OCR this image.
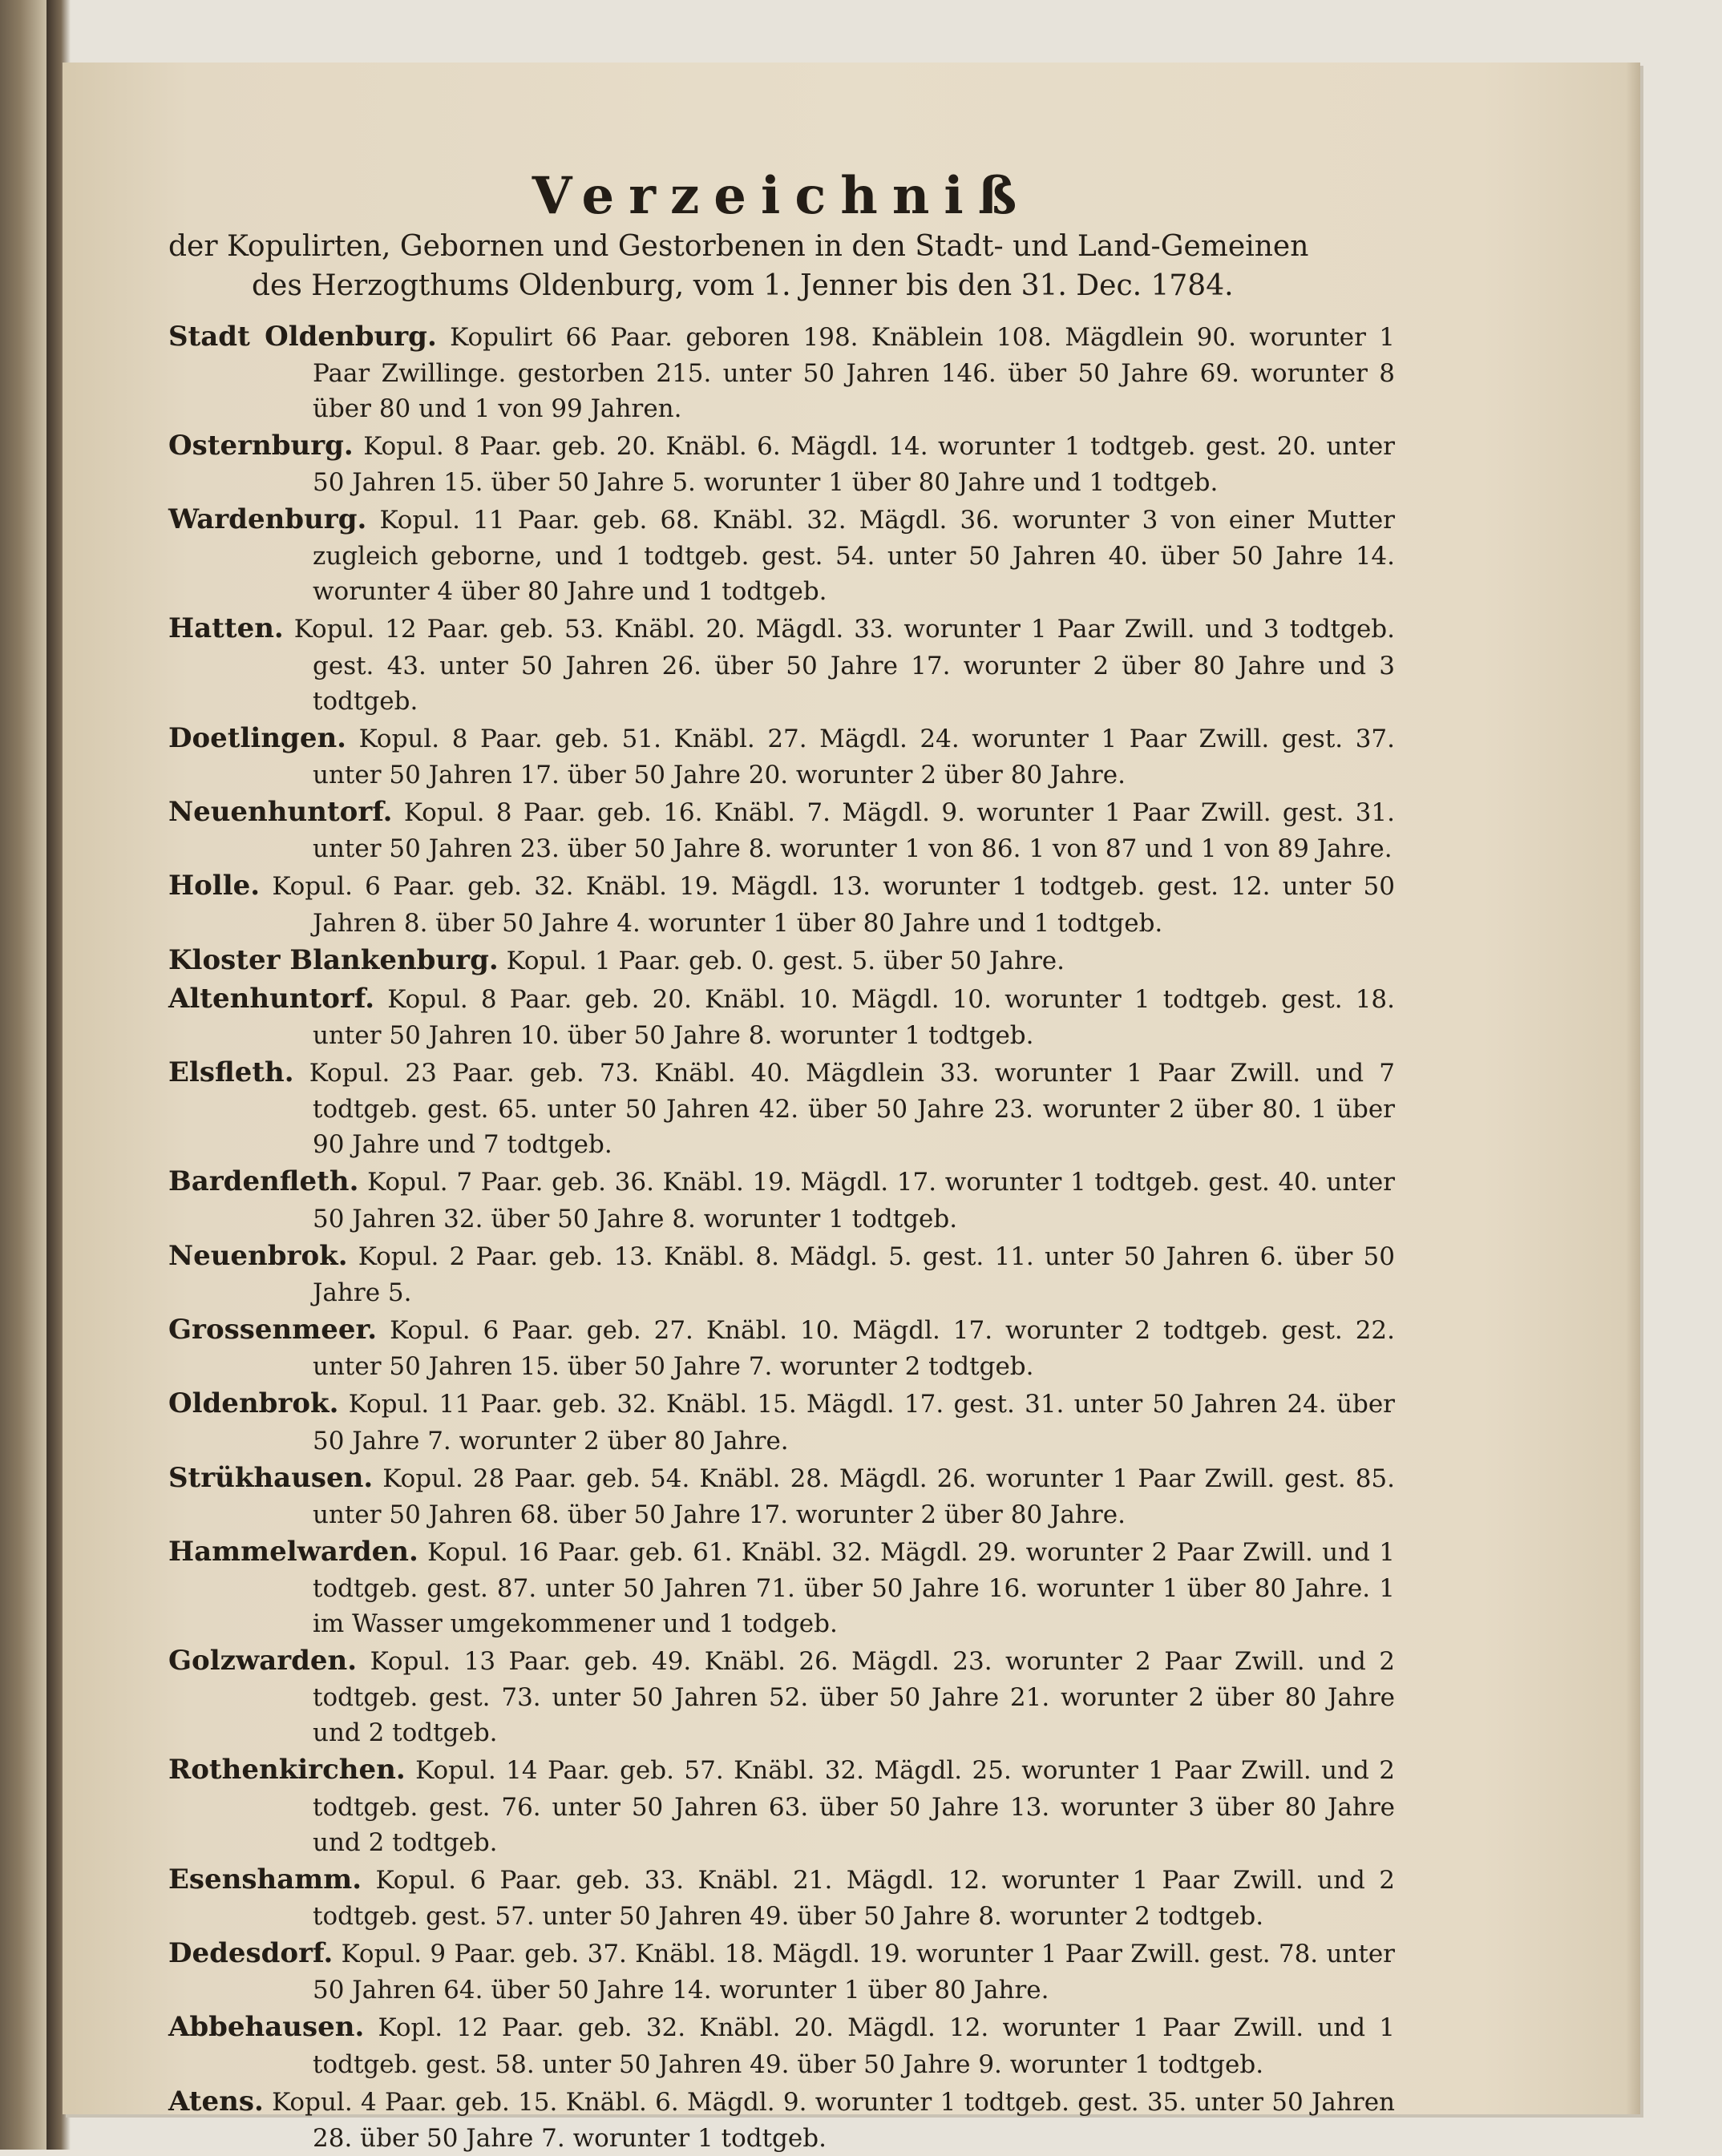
Verzeichniß
der Kopulirten, Gebornen und Gestorbenen in den Stadt- und Land-Gemeinen
des Herzogthums Oldenburg, vom 1. Jenner bis den 31. Dec. 1784.

Stadt Oldenburg. Kopulirt 66 Paar. geboren 198. Knäblein 108. Mägdlein 90. worunter 1 Paar Zwillinge. gestorben 215. unter 50 Jahren 146. über 50 Jahre 69. worunter 8 über 80 und 1 von 99 Jahren.

Osternburg. Kopul. 8 Paar. geb. 20. Knäbl. 6. Mägdl. 14. worunter 1 todtgeb. gest. 20. unter 50 Jahren 15. über 50 Jahre 5. worunter 1 über 80 Jahre und 1 todtgeb.

Wardenburg. Kopul. 11 Paar. geb. 68. Knäbl. 32. Mägdl. 36. worunter 3 von einer Mutter zugleich geborne, und 1 todtgeb. gest. 54. unter 50 Jahren 40. über 50 Jahre 14. worunter 4 über 80 Jahre und 1 todtgeb.

Hatten. Kopul. 12 Paar. geb. 53. Knäbl. 20. Mägdl. 33. worunter 1 Paar Zwill. und 3 todtgeb. gest. 43. unter 50 Jahren 26. über 50 Jahre 17. worunter 2 über 80 Jahre und 3 todtgeb.

Doetlingen. Kopul. 8 Paar. geb. 51. Knäbl. 27. Mägdl. 24. worunter 1 Paar Zwill. gest. 37. unter 50 Jahren 17. über 50 Jahre 20. worunter 2 über 80 Jahre.

Neuenhuntorf. Kopul. 8 Paar. geb. 16. Knäbl. 7. Mägdl. 9. worunter 1 Paar Zwill. gest. 31. unter 50 Jahren 23. über 50 Jahre 8. worunter 1 von 86. 1 von 87 und 1 von 89 Jahre.

Holle. Kopul. 6 Paar. geb. 32. Knäbl. 19. Mägdl. 13. worunter 1 todtgeb. gest. 12. unter 50 Jahren 8. über 50 Jahre 4. worunter 1 über 80 Jahre und 1 todtgeb.

Kloster Blankenburg. Kopul. 1 Paar. geb. 0. gest. 5. über 50 Jahre.

Altenhuntorf. Kopul. 8 Paar. geb. 20. Knäbl. 10. Mägdl. 10. worunter 1 todtgeb. gest. 18. unter 50 Jahren 10. über 50 Jahre 8. worunter 1 todtgeb.

Elsfleth. Kopul. 23 Paar. geb. 73. Knäbl. 40. Mägdlein 33. worunter 1 Paar Zwill. und 7 todtgeb. gest. 65. unter 50 Jahren 42. über 50 Jahre 23. worunter 2 über 80. 1 über 90 Jahre und 7 todtgeb.

Bardenfleth. Kopul. 7 Paar. geb. 36. Knäbl. 19. Mägdl. 17. worunter 1 todtgeb. gest. 40. unter 50 Jahren 32. über 50 Jahre 8. worunter 1 todtgeb.

Neuenbrok. Kopul. 2 Paar. geb. 13. Knäbl. 8. Mädgl. 5. gest. 11. unter 50 Jahren 6. über 50 Jahre 5.

Grossenmeer. Kopul. 6 Paar. geb. 27. Knäbl. 10. Mägdl. 17. worunter 2 todtgeb. gest. 22. unter 50 Jahren 15. über 50 Jahre 7. worunter 2 todtgeb.

Oldenbrok. Kopul. 11 Paar. geb. 32. Knäbl. 15. Mägdl. 17. gest. 31. unter 50 Jahren 24. über 50 Jahre 7. worunter 2 über 80 Jahre.

Strükhausen. Kopul. 28 Paar. geb. 54. Knäbl. 28. Mägdl. 26. worunter 1 Paar Zwill. gest. 85. unter 50 Jahren 68. über 50 Jahre 17. worunter 2 über 80 Jahre.

Hammelwarden. Kopul. 16 Paar. geb. 61. Knäbl. 32. Mägdl. 29. worunter 2 Paar Zwill. und 1 todtgeb. gest. 87. unter 50 Jahren 71. über 50 Jahre 16. worunter 1 über 80 Jahre. 1 im Wasser umgekommener und 1 todgeb.

Golzwarden. Kopul. 13 Paar. geb. 49. Knäbl. 26. Mägdl. 23. worunter 2 Paar Zwill. und 2 todtgeb. gest. 73. unter 50 Jahren 52. über 50 Jahre 21. worunter 2 über 80 Jahre und 2 todtgeb.

Rothenkirchen. Kopul. 14 Paar. geb. 57. Knäbl. 32. Mägdl. 25. worunter 1 Paar Zwill. und 2 todtgeb. gest. 76. unter 50 Jahren 63. über 50 Jahre 13. worunter 3 über 80 Jahre und 2 todtgeb.

Esenshamm. Kopul. 6 Paar. geb. 33. Knäbl. 21. Mägdl. 12. worunter 1 Paar Zwill. und 2 todtgeb. gest. 57. unter 50 Jahren 49. über 50 Jahre 8. worunter 2 todtgeb.

Dedesdorf. Kopul. 9 Paar. geb. 37. Knäbl. 18. Mägdl. 19. worunter 1 Paar Zwill. gest. 78. unter 50 Jahren 64. über 50 Jahre 14. worunter 1 über 80 Jahre.

Abbehausen. Kopl. 12 Paar. geb. 32. Knäbl. 20. Mägdl. 12. worunter 1 Paar Zwill. und 1 todtgeb. gest. 58. unter 50 Jahren 49. über 50 Jahre 9. worunter 1 todtgeb.

Atens. Kopul. 4 Paar. geb. 15. Knäbl. 6. Mägdl. 9. worunter 1 todtgeb. gest. 35. unter 50 Jahren 28. über 50 Jahre 7. worunter 1 todtgeb.
